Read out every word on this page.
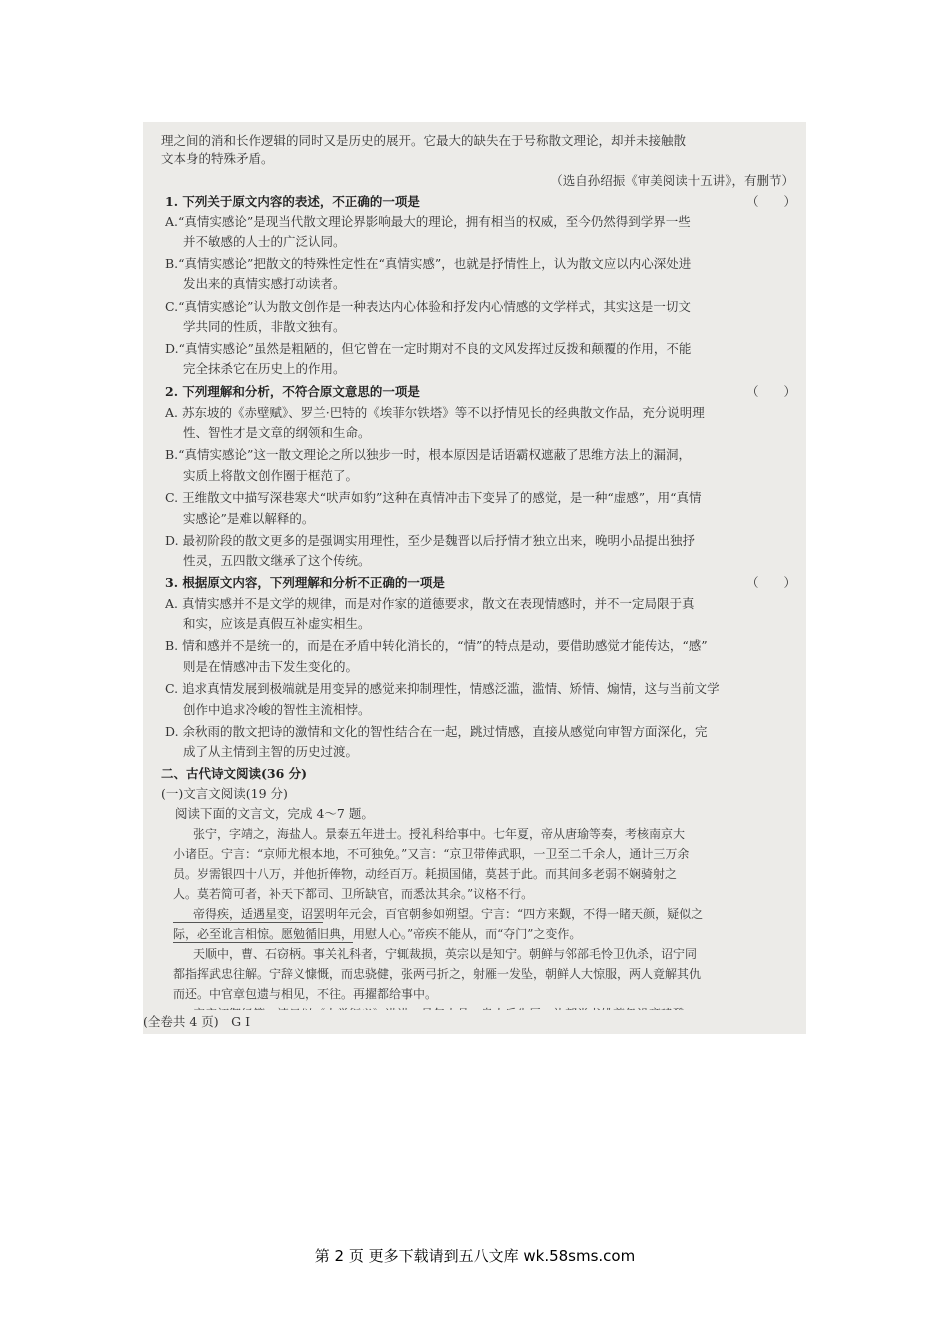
理之间的消和长作逻辑的同时又是历史的展开。它最大的缺失在于号称散文理论，却并未接触散
文本身的特殊矛盾。
（选自孙绍振《审美阅读十五讲》，有删节）
1. 下列关于原文内容的表述，不正确的一项是	（　　）
A.“真情实感论”是现当代散文理论界影响最大的理论，拥有相当的权威，至今仍然得到学界一些
并不敏感的人士的广泛认同。
B.“真情实感论”把散文的特殊性定性在“真情实感”，也就是抒情性上，认为散文应以内心深处进
发出来的真情实感打动读者。
C.“真情实感论”认为散文创作是一种表达内心体验和抒发内心情感的文学样式，其实这是一切文
学共同的性质，非散文独有。
D.“真情实感论”虽然是粗陋的，但它曾在一定时期对不良的文风发挥过反拨和颠覆的作用，不能
完全抹杀它在历史上的作用。
2. 下列理解和分析，不符合原文意思的一项是	（　　）
A. 苏东坡的《赤壁赋》、罗兰·巴特的《埃菲尔铁塔》等不以抒情见长的经典散文作品，充分说明理
性、智性才是文章的纲领和生命。
B.“真情实感论”这一散文理论之所以独步一时，根本原因是话语霸权遮蔽了思维方法上的漏洞，
实质上将散文创作圈于框范了。
C. 王维散文中描写深巷寒犬“吠声如豹”这种在真情冲击下变异了的感觉，是一种“虚感”，用“真情
实感论”是难以解释的。
D. 最初阶段的散文更多的是强调实用理性，至少是魏晋以后抒情才独立出来，晚明小品提出独抒
性灵，五四散文继承了这个传统。
3. 根据原文内容，下列理解和分析不正确的一项是	（　　）
A. 真情实感并不是文学的规律，而是对作家的道德要求，散文在表现情感时，并不一定局限于真
和实，应该是真假互补虚实相生。
B. 情和感并不是统一的，而是在矛盾中转化消长的，“情”的特点是动，要借助感觉才能传达，“感”
则是在情感冲击下发生变化的。
C. 追求真情发展到极端就是用变异的感觉来抑制理性，情感泛滥，滥情、矫情、煽情，这与当前文学
创作中追求冷峻的智性主流相悖。
D. 余秋雨的散文把诗的激情和文化的智性结合在一起，跳过情感，直接从感觉向审智方面深化，完
成了从主情到主智的历史过渡。
二、古代诗文阅读(36 分)
(一)文言文阅读(19 分)
阅读下面的文言文，完成 4～7 题。
张宁，字靖之，海盐人。景泰五年进士。授礼科给事中。七年夏，帝从唐瑜等奏，考核南京大
小诸臣。宁言：“京师尤根本地，不可独免。”又言：“京卫带俸武职，一卫至二千余人，通计三万余
员。岁需银四十八万，并他折俸物，动经百万。耗损国储，莫甚于此。而其间多老弱不娴骑射之
人。莫若简可者，补天下都司、卫所缺官，而悉汰其余。”议格不行。
帝得疾，适遇星变，诏罢明年元会，百官朝参如朔望。宁言：“四方来觐，不得一睹天颜，疑似之
际，必至讹言相惊。愿勉循旧典，用慰人心。”帝疾不能从，而“夺门”之变作。
天顺中，曹、石窃柄。事关礼科者，宁辄裁损，英宗以是知宁。朝鲜与邻部毛怜卫仇杀，诏宁同
都指挥武忠往解。宁辞义慷慨，而忠骁健，张两弓折之，射雁一发坠，朝鲜人大惊服，两人竟解其仇
而还。中官章包遗与相见，不往。再擢都给事中。
(全卷共 4 页)　G Ⅰ
第 2 页 更多下载请到五八文库 wk.58sms.com
